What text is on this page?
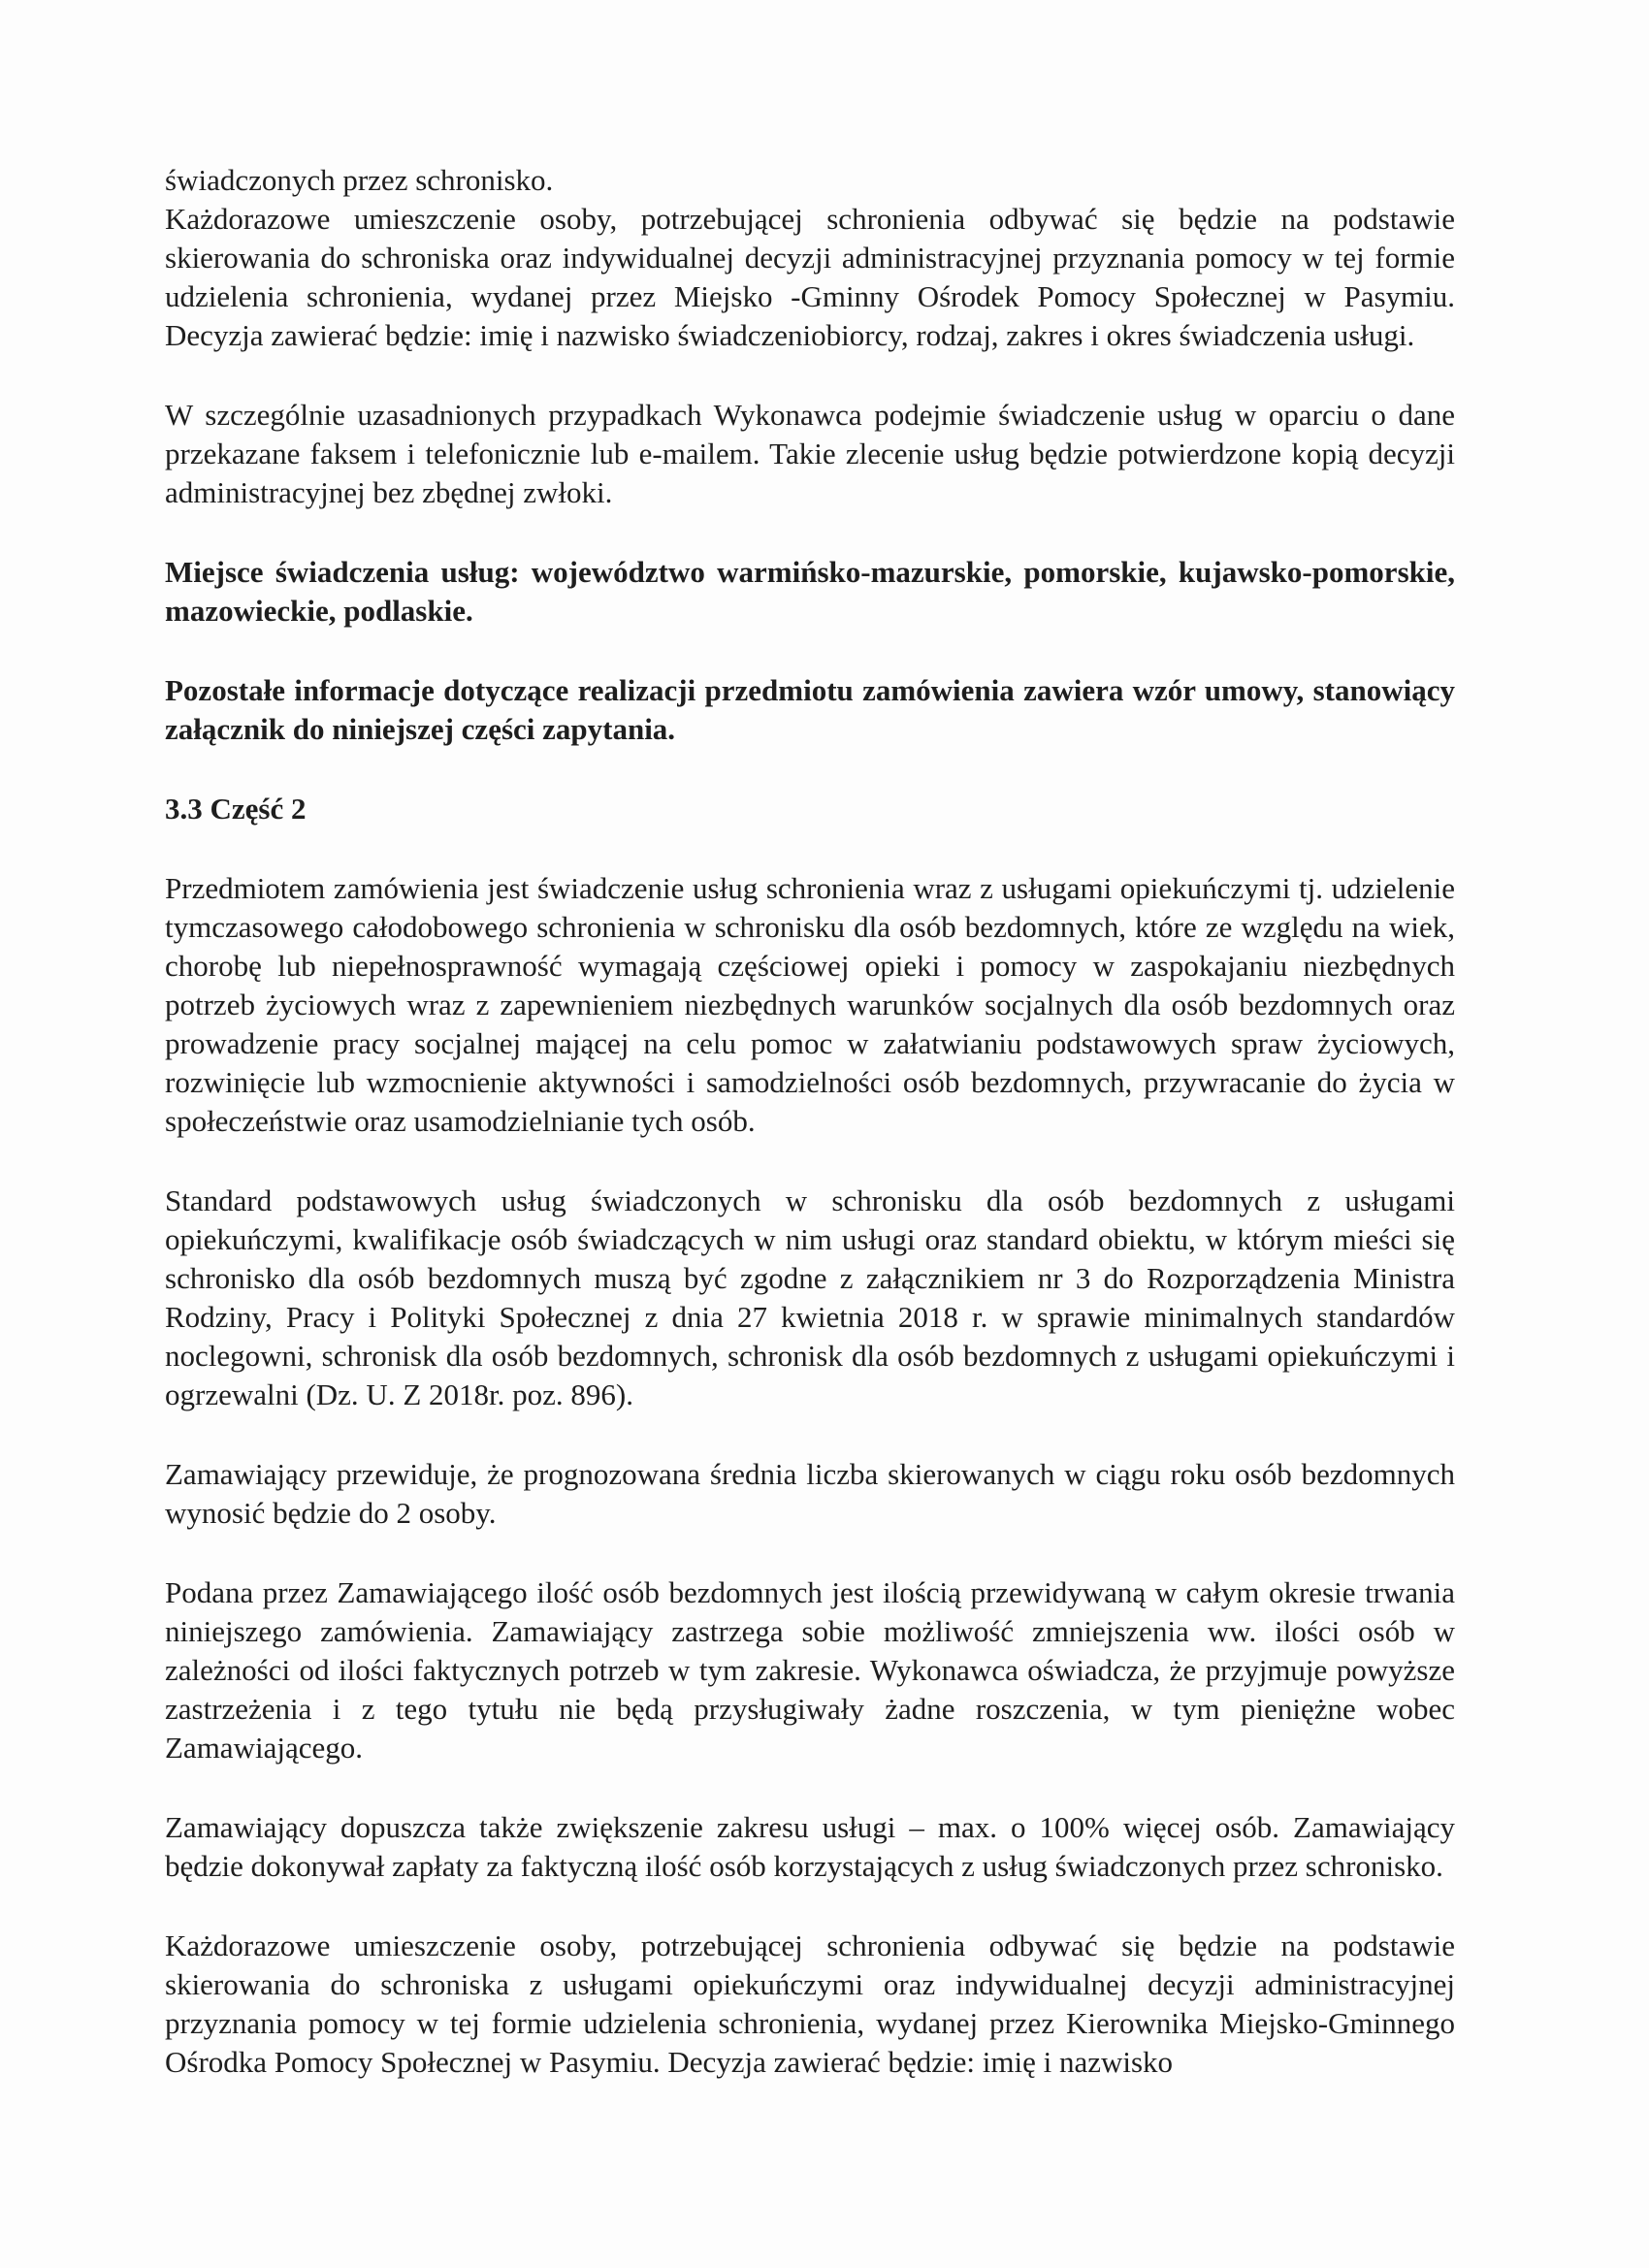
świadczonych przez schronisko.

Każdorazowe umieszczenie osoby, potrzebującej schronienia odbywać się będzie na podstawie skierowania do schroniska oraz indywidualnej decyzji administracyjnej przyznania pomocy w tej formie udzielenia schronienia, wydanej przez Miejsko -Gminny Ośrodek Pomocy Społecznej w Pasymiu. Decyzja zawierać będzie: imię i nazwisko świadczeniobiorcy, rodzaj, zakres i okres świadczenia usługi.

W szczególnie uzasadnionych przypadkach Wykonawca podejmie świadczenie usług w oparciu o dane przekazane faksem i telefonicznie lub e-mailem. Takie zlecenie usług będzie potwierdzone kopią decyzji administracyjnej bez zbędnej zwłoki.

Miejsce świadczenia usług: województwo warmińsko-mazurskie, pomorskie, kujawsko-pomorskie, mazowieckie, podlaskie.

Pozostałe informacje dotyczące realizacji przedmiotu zamówienia zawiera wzór umowy, stanowiący załącznik do niniejszej części zapytania.

3.3 Część 2

Przedmiotem zamówienia jest świadczenie usług schronienia wraz z usługami opiekuńczymi tj. udzielenie tymczasowego całodobowego schronienia w schronisku dla osób bezdomnych, które ze względu na wiek, chorobę lub niepełnosprawność wymagają częściowej opieki i pomocy w zaspokajaniu niezbędnych potrzeb życiowych wraz z zapewnieniem niezbędnych warunków socjalnych dla osób bezdomnych oraz prowadzenie pracy socjalnej mającej na celu pomoc w załatwianiu podstawowych spraw życiowych, rozwinięcie lub wzmocnienie aktywności i samodzielności osób bezdomnych, przywracanie do życia w społeczeństwie oraz usamodzielnianie tych osób.

Standard podstawowych usług świadczonych w schronisku dla osób bezdomnych z usługami opiekuńczymi, kwalifikacje osób świadczących w nim usługi oraz standard obiektu, w którym mieści się schronisko dla osób bezdomnych muszą być zgodne z załącznikiem nr 3 do Rozporządzenia Ministra Rodziny, Pracy i Polityki Społecznej z dnia 27 kwietnia 2018 r. w sprawie minimalnych standardów noclegowni, schronisk dla osób bezdomnych, schronisk dla osób bezdomnych z usługami opiekuńczymi i ogrzewalni (Dz. U. Z 2018r. poz. 896).

Zamawiający przewiduje, że prognozowana średnia liczba skierowanych w ciągu roku osób bezdomnych wynosić będzie do 2 osoby.

Podana przez Zamawiającego ilość osób bezdomnych jest ilością przewidywaną w całym okresie trwania niniejszego zamówienia. Zamawiający zastrzega sobie możliwość zmniejszenia ww. ilości osób w zależności od ilości faktycznych potrzeb w tym zakresie. Wykonawca oświadcza, że przyjmuje powyższe zastrzeżenia i z tego tytułu nie będą przysługiwały żadne roszczenia, w tym pieniężne wobec Zamawiającego.

Zamawiający dopuszcza także zwiększenie zakresu usługi – max. o 100% więcej osób. Zamawiający będzie dokonywał zapłaty za faktyczną ilość osób korzystających z usług świadczonych przez schronisko.

Każdorazowe umieszczenie osoby, potrzebującej schronienia odbywać się będzie na podstawie skierowania do schroniska z usługami opiekuńczymi oraz indywidualnej decyzji administracyjnej przyznania pomocy w tej formie udzielenia schronienia, wydanej przez Kierownika Miejsko-Gminnego Ośrodka Pomocy Społecznej w Pasymiu. Decyzja zawierać będzie: imię i nazwisko
